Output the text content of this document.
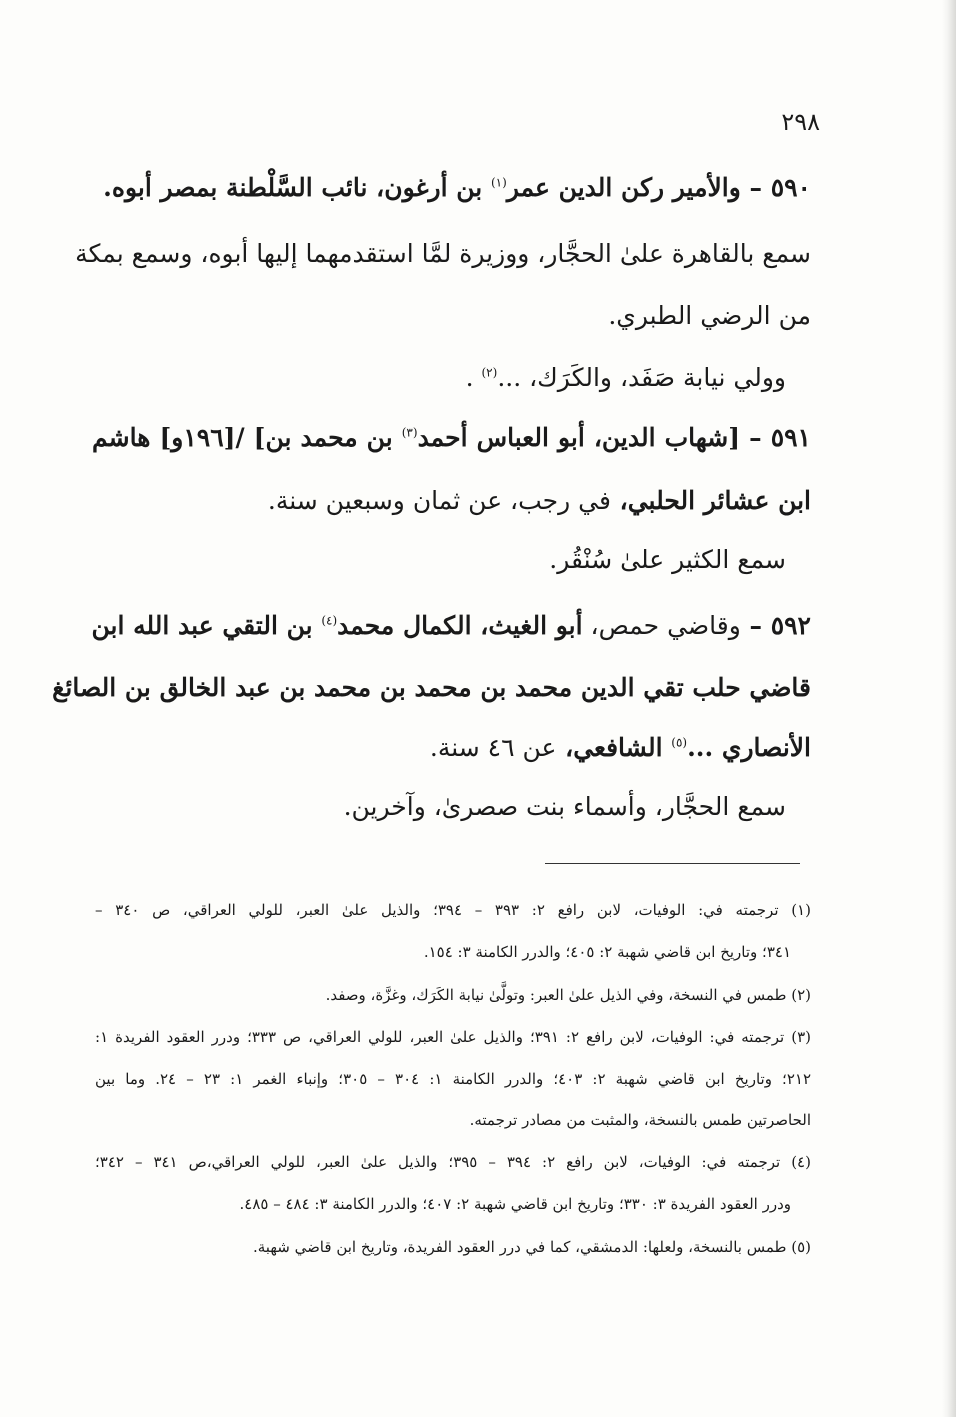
٢٩٨
٥٩٠ – والأمير ركن الدين عمر$^{(١)}$ بن أرغون، نائب السَّلْطنة بمصر أبوه.
سمع بالقاهرة علىٰ الحجَّار، ووزيرة لمَّا استقدمهما إليها أبوه، وسمع بمكة
من الرضي الطبري.
وولي نيابة صَفَد، والكَرَك، ...$^{(٢)}$ .
٥٩١ – [شهاب الدين، أبو العباس أحمد$^{(٣)}$ بن محمد بن] /[١٩٦و] هاشم
ابن عشائر الحلبي، في رجب، عن ثمان وسبعين سنة.
سمع الكثير علىٰ سُنْقُر.
٥٩٢ – وقاضي حمص، أبو الغيث، الكمال محمد$^{(٤)}$ بن التقي عبد الله ابن
قاضي حلب تقي الدين محمد بن محمد بن محمد بن عبد الخالق بن الصائغ
الأنصاري ...$^{(٥)}$ الشافعي، عن ٤٦ سنة.
سمع الحجَّار، وأسماء بنت صصرىٰ، وآخرين.
(١) ترجمته في: الوفيات، لابن رافع ٢: ٣٩٣ – ٣٩٤؛ والذيل علىٰ العبر، للولي العراقي، ص ٣٤٠ –
٣٤١؛ وتاريخ ابن قاضي شهبة ٢: ٤٠٥؛ والدرر الكامنة ٣: ١٥٤.
(٢) طمس في النسخة، وفي الذيل علىٰ العبر: وتولَّىٰ نيابة الكَرَك، وغزَّة، وصفد.
(٣) ترجمته في: الوفيات، لابن رافع ٢: ٣٩١؛ والذيل علىٰ العبر، للولي العراقي، ص ٣٣٣؛ ودرر العقود الفريدة ١:
٢١٢؛ وتاريخ ابن قاضي شهبة ٢: ٤٠٣؛ والدرر الكامنة ١: ٣٠٤ – ٣٠٥؛ وإنباء الغمر ١: ٢٣ – ٢٤. وما بين
الحاصرتين طمس بالنسخة، والمثبت من مصادر ترجمته.
(٤) ترجمته في: الوفيات، لابن رافع ٢: ٣٩٤ – ٣٩٥؛ والذيل علىٰ العبر، للولي العراقي،ص ٣٤١ – ٣٤٢؛
ودرر العقود الفريدة ٣: ٣٣٠؛ وتاريخ ابن قاضي شهبة ٢: ٤٠٧؛ والدرر الكامنة ٣: ٤٨٤ – ٤٨٥.
(٥) طمس بالنسخة، ولعلها: الدمشقي، كما في درر العقود الفريدة، وتاريخ ابن قاضي شهبة.
